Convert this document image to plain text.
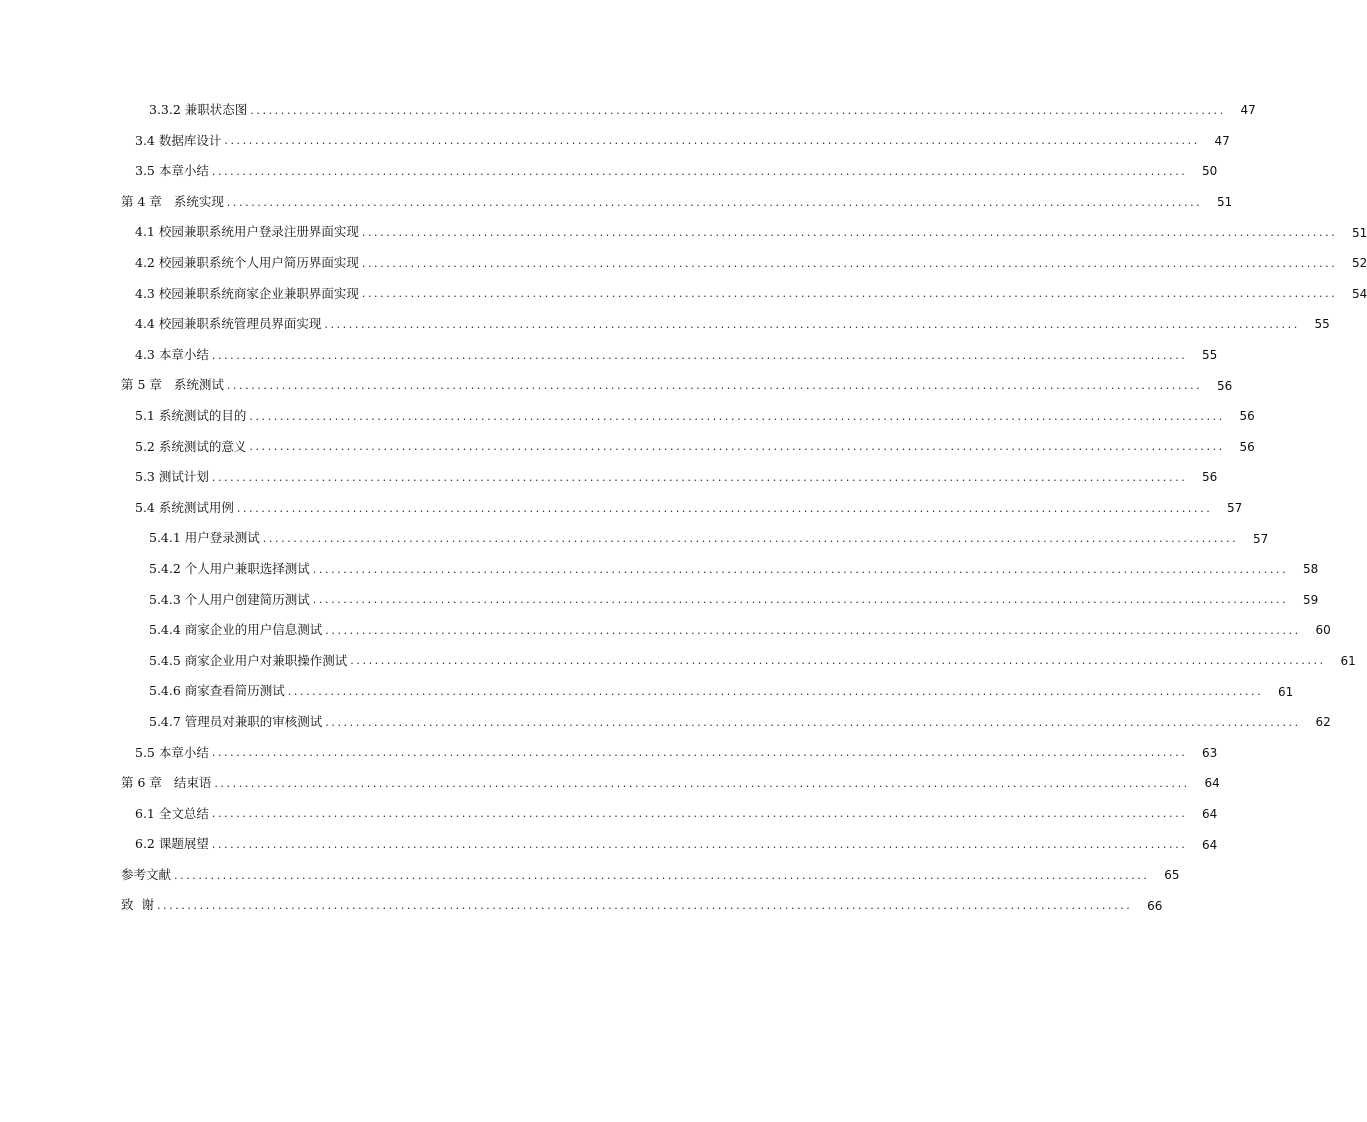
3.3.2 兼职状态图 ................................................................................................................................................................	47
3.4 数据库设计 ................................................................................................................................................................	47
3.5 本章小结 ................................................................................................................................................................	50
第 4 章   系统实现 ................................................................................................................................................................	51
4.1 校园兼职系统用户登录注册界面实现 ................................................................................................................................................................	51
4.2 校园兼职系统个人用户简历界面实现 ................................................................................................................................................................	52
4.3 校园兼职系统商家企业兼职界面实现 ................................................................................................................................................................	54
4.4 校园兼职系统管理员界面实现 ................................................................................................................................................................	55
4.3 本章小结 ................................................................................................................................................................	55
第 5 章   系统测试 ................................................................................................................................................................	56
5.1 系统测试的目的 ................................................................................................................................................................	56
5.2 系统测试的意义 ................................................................................................................................................................	56
5.3 测试计划 ................................................................................................................................................................	56
5.4 系统测试用例 ................................................................................................................................................................	57
5.4.1 用户登录测试 ................................................................................................................................................................	57
5.4.2 个人用户兼职选择测试 ................................................................................................................................................................	58
5.4.3 个人用户创建简历测试 ................................................................................................................................................................	59
5.4.4 商家企业的用户信息测试 ................................................................................................................................................................	60
5.4.5 商家企业用户对兼职操作测试 ................................................................................................................................................................	61
5.4.6 商家查看简历测试 ................................................................................................................................................................	61
5.4.7 管理员对兼职的审核测试 ................................................................................................................................................................	62
5.5 本章小结 ................................................................................................................................................................	63
第 6 章   结束语 ................................................................................................................................................................	64
6.1 全文总结 ................................................................................................................................................................	64
6.2 课题展望 ................................................................................................................................................................	64
参考文献 ................................................................................................................................................................	65
致  谢 ................................................................................................................................................................	66
